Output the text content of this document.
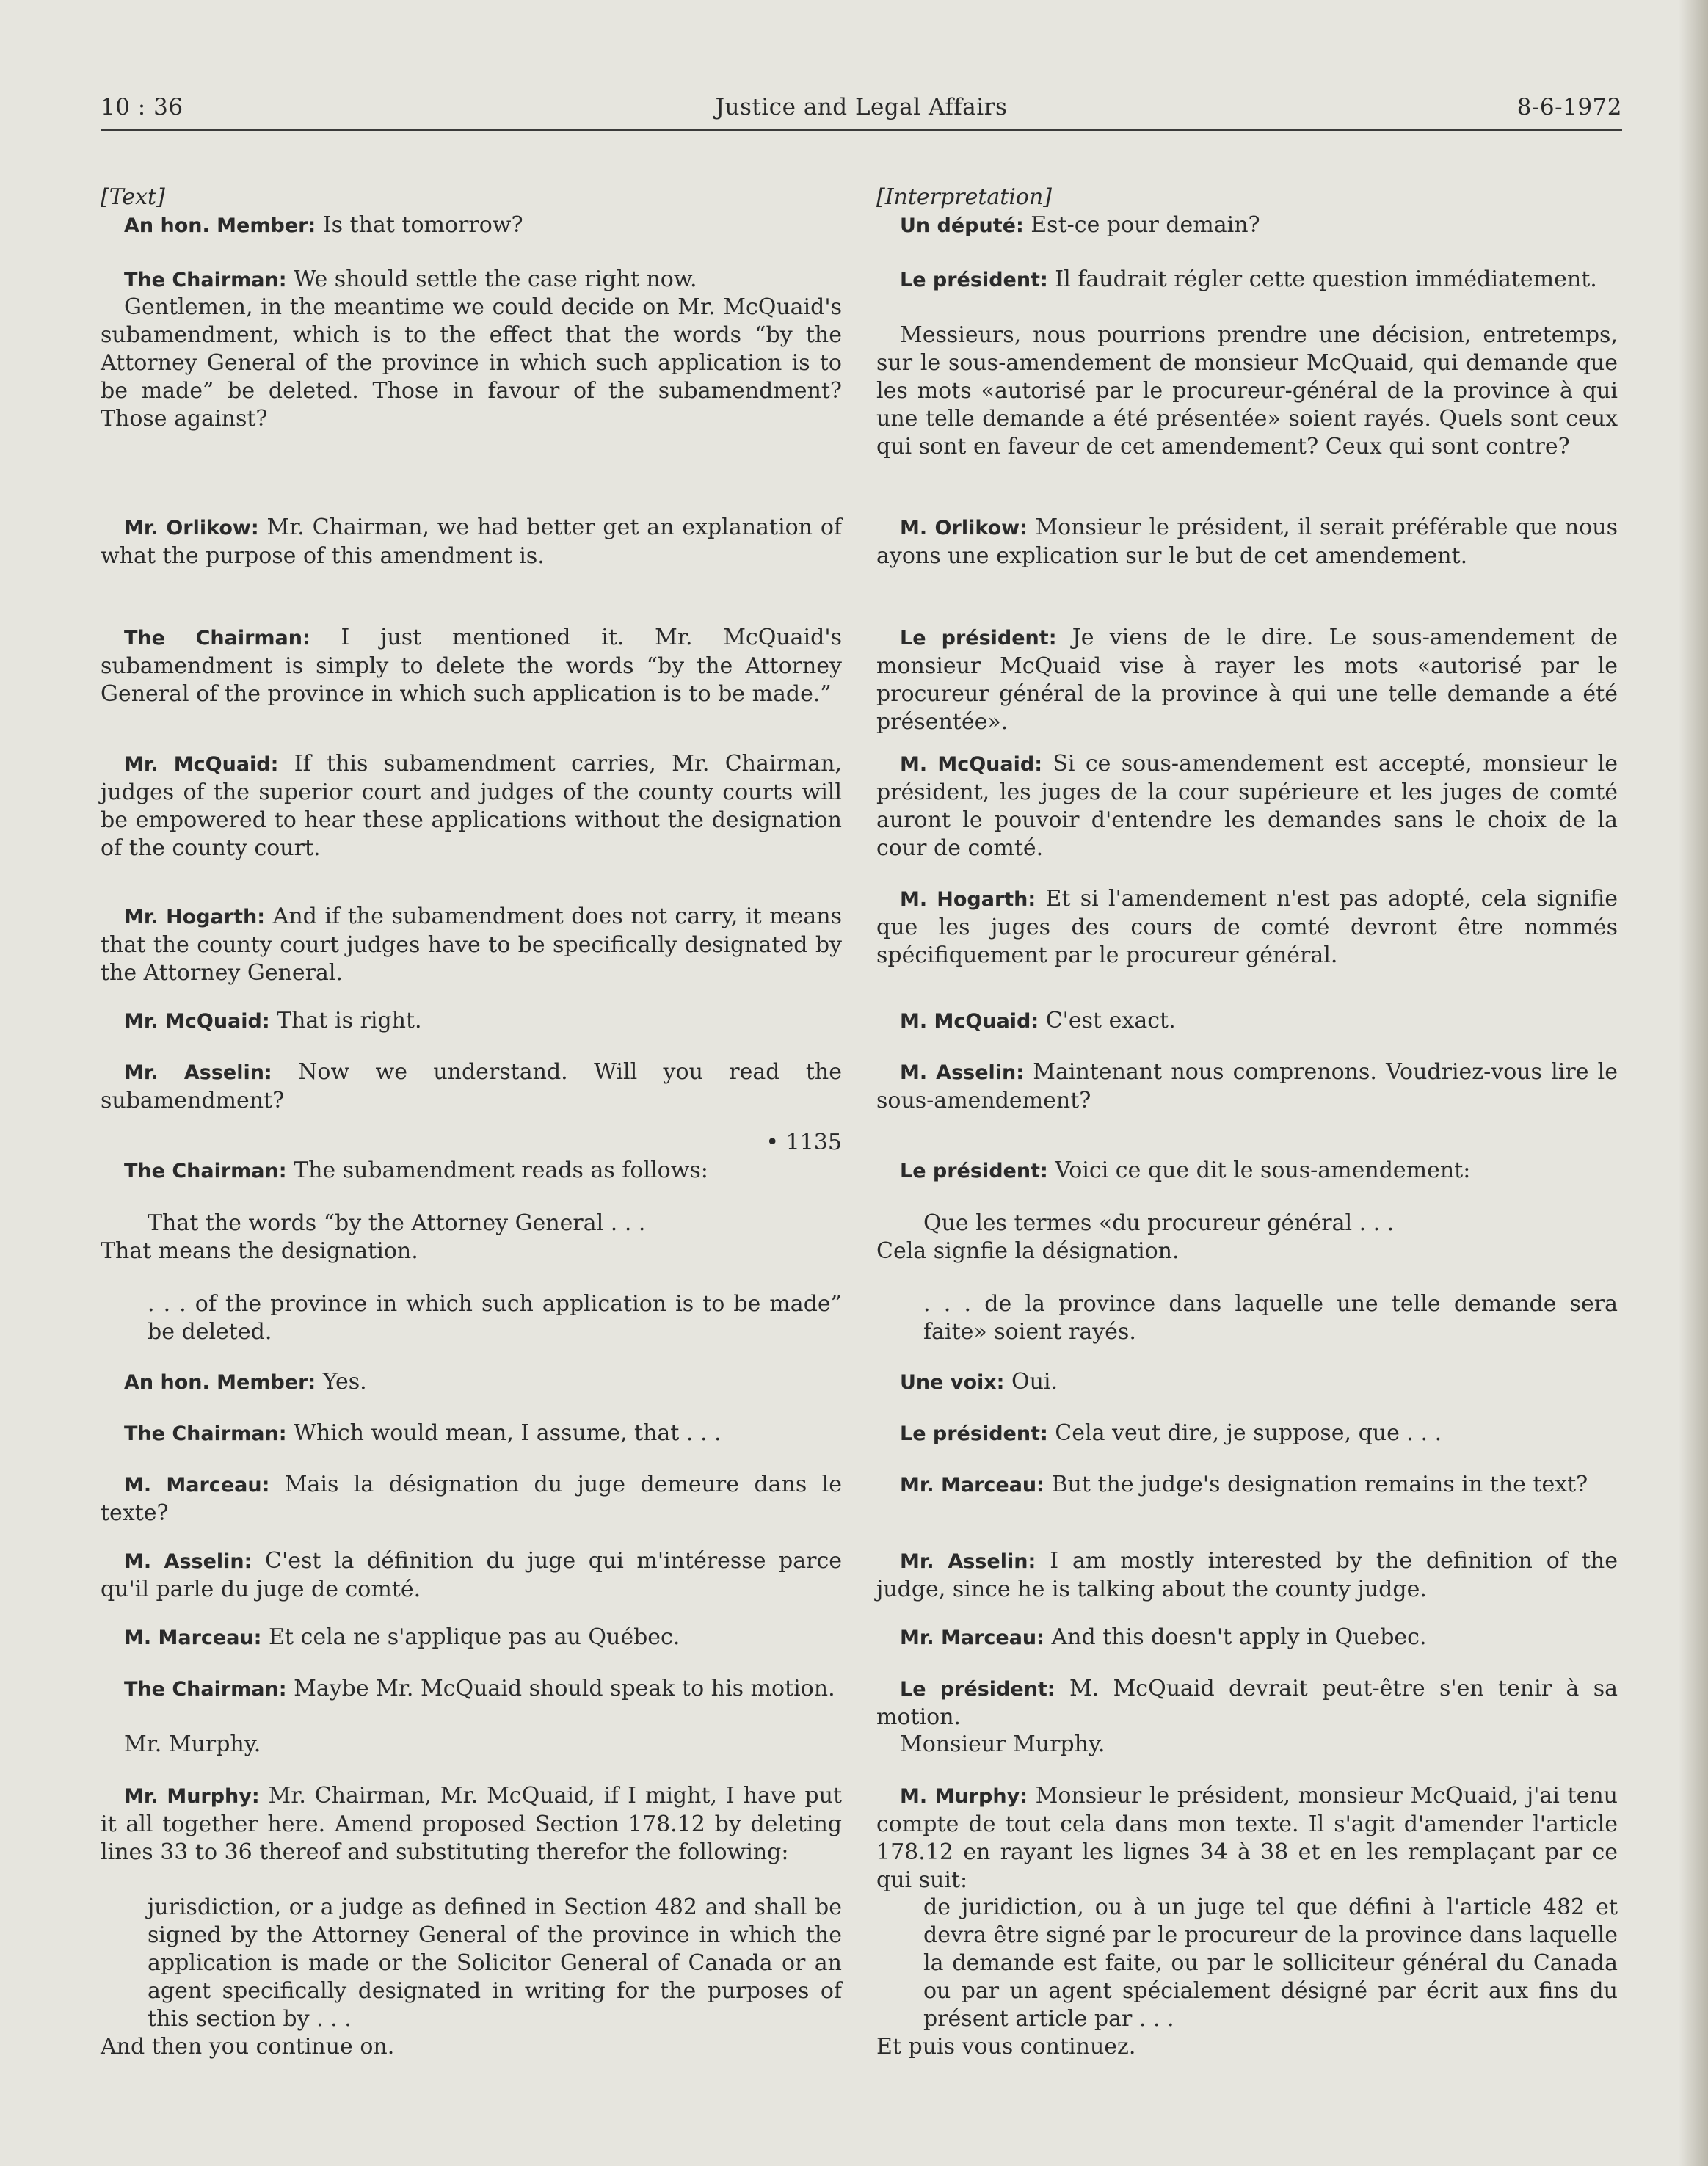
10 : 36	Justice and Legal Affairs	8-6-1972
[Text]
An hon. Member: Is that tomorrow?
The Chairman: We should settle the case right now.
Gentlemen, in the meantime we could decide on Mr. McQuaid's subamendment, which is to the effect that the words “by the Attorney General of the province in which such application is to be made” be deleted. Those in favour of the subamendment? Those against?
Mr. Orlikow: Mr. Chairman, we had better get an explanation of what the purpose of this amendment is.
The Chairman: I just mentioned it. Mr. McQuaid's subamendment is simply to delete the words “by the Attorney General of the province in which such application is to be made.”
Mr. McQuaid: If this subamendment carries, Mr. Chairman, judges of the superior court and judges of the county courts will be empowered to hear these applications without the designation of the county court.
Mr. Hogarth: And if the subamendment does not carry, it means that the county court judges have to be specifically designated by the Attorney General.
Mr. McQuaid: That is right.
Mr. Asselin: Now we understand. Will you read the subamendment?
• 1135
The Chairman: The subamendment reads as follows:
That the words “by the Attorney General . . .
That means the designation.
. . . of the province in which such application is to be made” be deleted.
An hon. Member: Yes.
The Chairman: Which would mean, I assume, that . . .
M. Marceau: Mais la désignation du juge demeure dans le texte?
M. Asselin: C'est la définition du juge qui m'intéresse parce qu'il parle du juge de comté.
M. Marceau: Et cela ne s'applique pas au Québec.
The Chairman: Maybe Mr. McQuaid should speak to his motion.
Mr. Murphy.
Mr. Murphy: Mr. Chairman, Mr. McQuaid, if I might, I have put it all together here. Amend proposed Section 178.12 by deleting lines 33 to 36 thereof and substituting therefor the following:
jurisdiction, or a judge as defined in Section 482 and shall be signed by the Attorney General of the province in which the application is made or the Solicitor General of Canada or an agent specifically designated in writing for the purposes of this section by . . .
And then you continue on.
[Interpretation]
Un député: Est-ce pour demain?
Le président: Il faudrait régler cette question immédiatement.
Messieurs, nous pourrions prendre une décision, entretemps, sur le sous-amendement de monsieur McQuaid, qui demande que les mots «autorisé par le procureur-général de la province à qui une telle demande a été présentée» soient rayés. Quels sont ceux qui sont en faveur de cet amendement? Ceux qui sont contre?
M. Orlikow: Monsieur le président, il serait préférable que nous ayons une explication sur le but de cet amendement.
Le président: Je viens de le dire. Le sous-amendement de monsieur McQuaid vise à rayer les mots «autorisé par le procureur général de la province à qui une telle demande a été présentée».
M. McQuaid: Si ce sous-amendement est accepté, monsieur le président, les juges de la cour supérieure et les juges de comté auront le pouvoir d'entendre les demandes sans le choix de la cour de comté.
M. Hogarth: Et si l'amendement n'est pas adopté, cela signifie que les juges des cours de comté devront être nommés spécifiquement par le procureur général.
M. McQuaid: C'est exact.
M. Asselin: Maintenant nous comprenons. Voudriez-vous lire le sous-amendement?
Le président: Voici ce que dit le sous-amendement:
Que les termes «du procureur général . . .
Cela signfie la désignation.
. . . de la province dans laquelle une telle demande sera faite» soient rayés.
Une voix: Oui.
Le président: Cela veut dire, je suppose, que . . .
Mr. Marceau: But the judge's designation remains in the text?
Mr. Asselin: I am mostly interested by the definition of the judge, since he is talking about the county judge.
Mr. Marceau: And this doesn't apply in Quebec.
Le président: M. McQuaid devrait peut-être s'en tenir à sa motion.
Monsieur Murphy.
M. Murphy: Monsieur le président, monsieur McQuaid, j'ai tenu compte de tout cela dans mon texte. Il s'agit d'amender l'article 178.12 en rayant les lignes 34 à 38 et en les remplaçant par ce qui suit:
de juridiction, ou à un juge tel que défini à l'article 482 et devra être signé par le procureur de la province dans laquelle la demande est faite, ou par le solliciteur général du Canada ou par un agent spécialement désigné par écrit aux fins du présent article par . . .
Et puis vous continuez.
